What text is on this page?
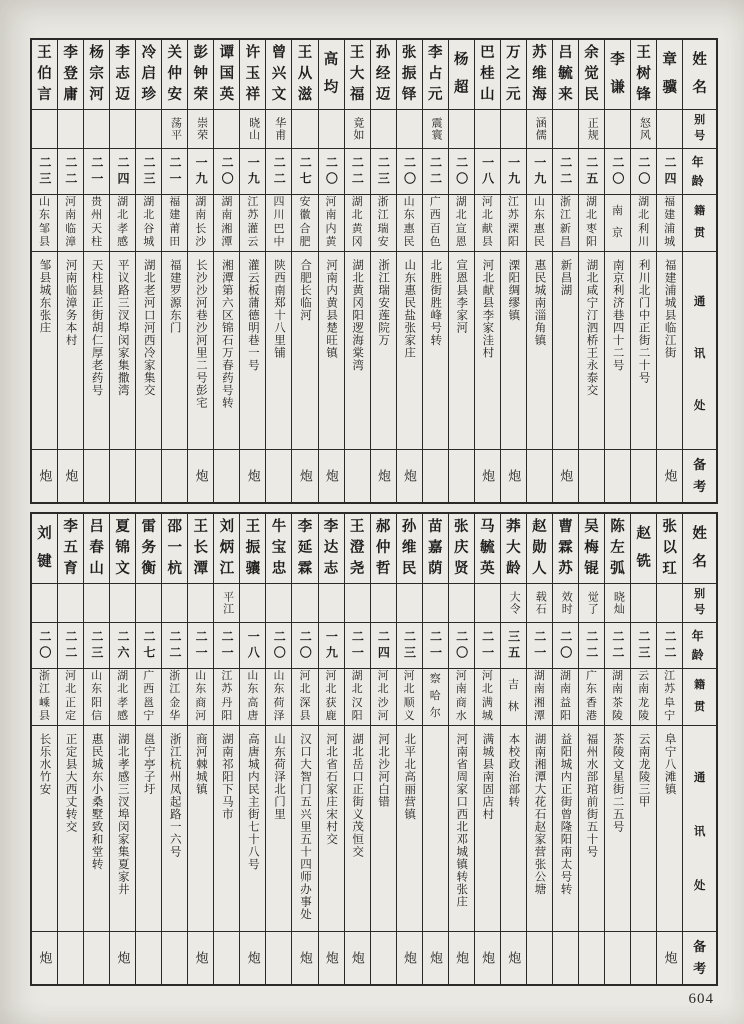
王
伯
言
二三
山
东
邹
县
邹县城东张庄
炮
李
登
庸
二二
河
南
临
漳
河南临漳务本村
炮
杨
宗
河
二一
贵
州
天
柱
天柱县正街胡仁厚老药号
李
志
迈
二四
湖
北
孝
感
平议路三汊埠闵家集撒湾
冷
启
珍
二三
湖
北
谷
城
湖北老河口河西冷家集交
关
仲
安
荡平
二一
福
建
莆
田
福建罗源东门
彭
钟
荣
崇荣
一九
湖
南
长
沙
长沙沙河巷沙河里二号彭宅
炮
谭
国
英
二〇
湖
南
湘
潭
湘潭第六区锦石万春药号转
许
玉
祥
晓山
一九
江
苏
灌
云
灌云板蒲德明巷一号
炮
曾
兴
文
华甫
二二
四
川
巴
中
陕西南郑十八里铺
王
从
滋
二七
安
徽
合
肥
合肥长临河
炮
高
均
二〇
河
南
内
黄
河南内黄县楚旺镇
炮
王
大
福
竟如
二二
湖
北
黄
冈
湖北黄冈阳逻海棠湾
孙
经
迈
二三
浙
江
瑞
安
浙江瑞安莲院万
炮
张
振
铎
二〇
山
东
惠
民
山东惠民盐张家庄
炮
李
占
元
震寰
二二
广
西
百
色
北胜街胜峰号转
杨
超
二〇
湖
北
宣
恩
宣恩县李家河
巴
桂
山
一八
河
北
献
县
河北献县李家洼村
炮
万
之
元
一九
江
苏
溧
阳
溧阳绸缪镇
炮
苏
维
海
涵儒
一九
山
东
惠
民
惠民城南淄角镇
吕
毓
来
二二
浙
江
新
昌
新昌湖
炮
余
觉
民
正规
二五
湖
北
枣
阳
湖北咸宁汀泗桥王永泰交
李
谦
二〇
南
京
南京利济巷四十二号
王
树
锋
怒风
二〇
湖
北
利
川
利川北门中正街二十号
章
骥
二四
福
建
浦
城
福建浦城县临江街
炮
姓
名
别
号
年
龄
籍
贯
通
讯
处
备
考
刘
键
二〇
浙
江
嵊
县
长乐水竹安
炮
李
五
育
二二
河
北
正
定
正定县大西丈转交
吕
春
山
二三
山
东
阳
信
惠民城东小桑墅致和堂转
夏
锦
文
二六
湖
北
孝
感
湖北孝感三汊埠闵家集夏家井
炮
雷
务
衡
二七
广
西
邕
宁
邕宁亭子圩
邵
一
杭
二二
浙
江
金
华
浙江杭州凤起路一六号
王
长
潭
二一
山
东
商
河
商河棘城镇
炮
刘
炳
江
平江
二一
江
苏
丹
阳
湖南祁阳下马市
王
振
骧
一八
山
东
高
唐
高唐城内民主街七十八号
炮
牛
宝
忠
二〇
山
东
荷
泽
山东荷泽北门里
李
延
霖
二〇
河
北
深
县
汉口大智门五兴里五十四师办事处
炮
李
达
志
一九
河
北
获
鹿
河北省石家庄宋村交
炮
王
澄
尧
二一
湖
北
汉
阳
湖北岳口正街义茂恒交
炮
郝
仲
哲
二四
河
北
沙
河
河北沙河白错
孙
维
民
二三
河
北
顺
义
北平北高丽营镇
炮
苗
嘉
荫
二一
察
哈
尔
炮
张
庆
贤
二〇
河
南
商
水
河南省周家口西北邓城镇转张庄
炮
马
毓
英
二一
河
北
满
城
满城县南固店村
炮
莽
大
龄
大令
三五
吉
林
本校政治部转
炮
赵
勋
人
载石
二一
湖
南
湘
潭
湖南湘潭大花石赵家营张公塘
曹
霖
苏
效时
二〇
湖
南
益
阳
益阳城内正街曾隆阳南太号转
吴
梅
锟
觉了
二二
广
东
香
港
福州水部琯前街五十号
陈
左
弧
晓灿
二二
湖
南
茶
陵
茶陵文星街二五号
赵
铣
二三
云
南
龙
陵
云南龙陵三甲
张
以
玒
二二
江
苏
阜
宁
阜宁八滩镇
炮
姓
名
别
号
年
龄
籍
贯
通
讯
处
备
考
604
